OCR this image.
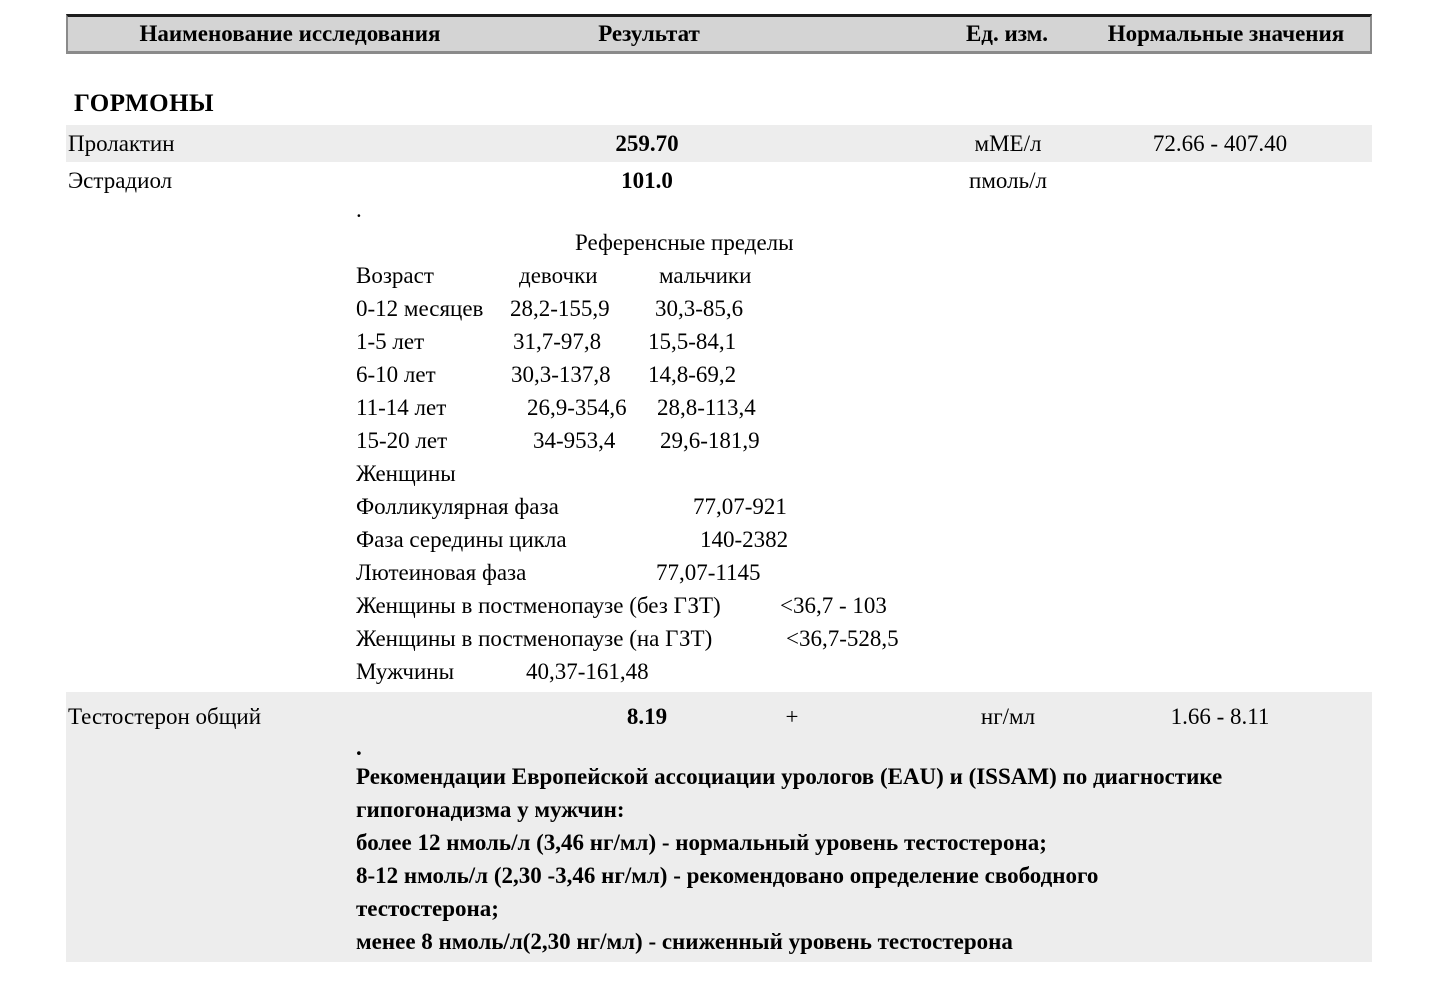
Наименование исследования	Результат	Ед. изм.	Нормальные значения
ГОРМОНЫ
Пролактин	259.70	мМЕ/л	72.66 - 407.40
Эстрадиол	101.0	пмоль/л
.
Референсные пределы
Возраст	девочки	мальчики
0-12 месяцев 28,2-155,9 30,3-85,6
1-5 лет	31,7-97,8 15,5-84,1
6-10 лет	30,3-137,8 14,8-69,2
11-14 лет	26,9-354,6 28,8-113,4
15-20 лет	34-953,4 29,6-181,9
Женщины
Фолликулярная фаза	77,07-921
Фаза середины цикла	140-2382
Лютеиновая фаза	77,07-1145
Женщины в постменопаузе (без ГЗТ)	<36,7 - 103
Женщины в постменопаузе (на ГЗТ)	<36,7-528,5
Мужчины	40,37-161,48
Тестостерон общий	8.19	+	нг/мл	1.66 - 8.11
.
Рекомендации Европейской ассоциации урологов (EAU) и (ISSAM) по диагностике
гипогонадизма у мужчин:
более 12 нмоль/л (3,46 нг/мл) - нормальный уровень тестостерона;
8-12 нмоль/л (2,30 -3,46 нг/мл) - рекомендовано определение свободного
тестостерона;
менее 8 нмоль/л(2,30 нг/мл) - сниженный уровень тестостерона
